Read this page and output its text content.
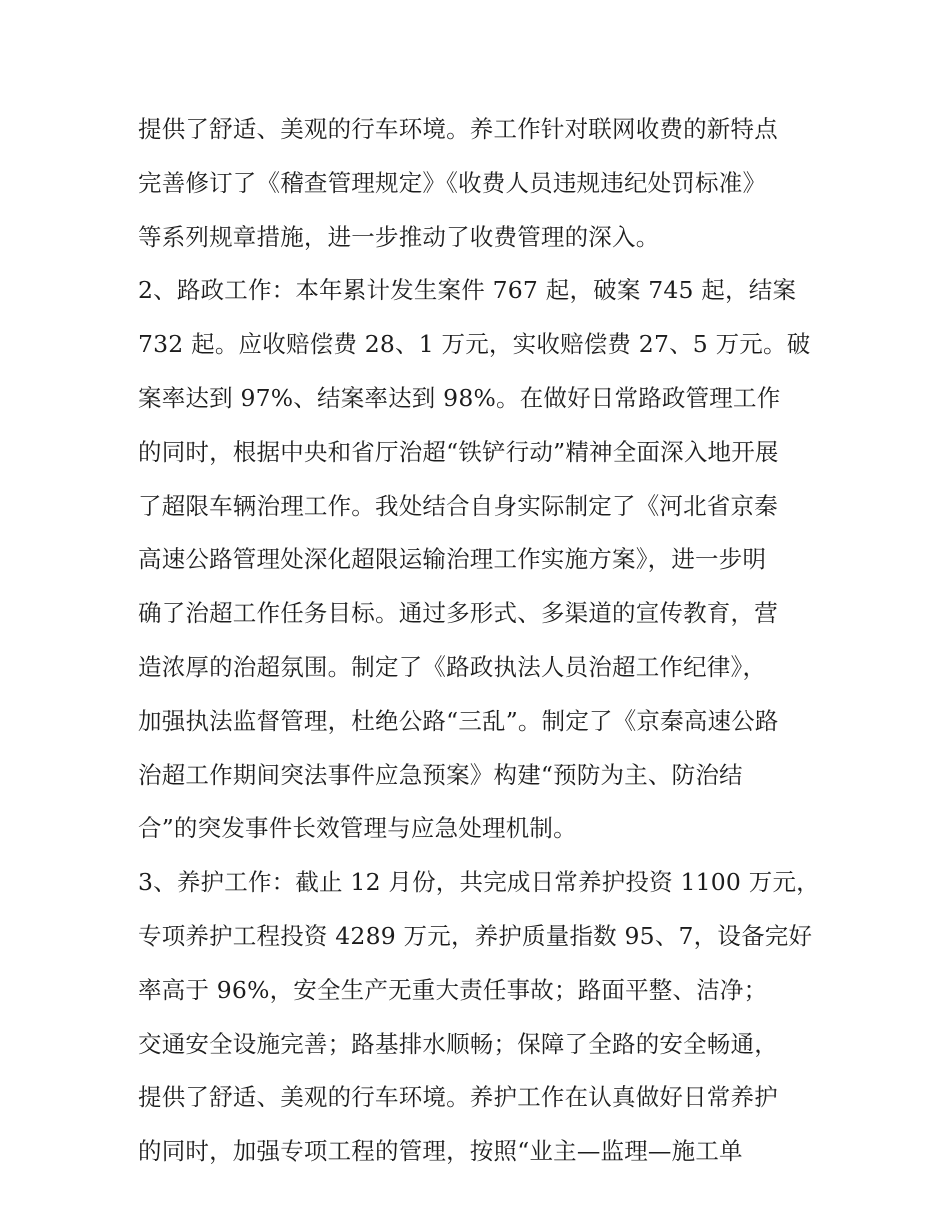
提供了舒适、美观的行车环境。养工作针对联网收费的新特点
完善修订了《稽查管理规定》《收费人员违规违纪处罚标准》
等系列规章措施，进一步推动了收费管理的深入。
2、路政工作：本年累计发生案件 767 起，破案 745 起，结案
732 起。应收赔偿费 28、1 万元，实收赔偿费 27、5 万元。破
案率达到 97%、结案率达到 98%。在做好日常路政管理工作
的同时，根据中央和省厅治超“铁铲行动”精神全面深入地开展
了超限车辆治理工作。我处结合自身实际制定了《河北省京秦
高速公路管理处深化超限运输治理工作实施方案》，进一步明
确了治超工作任务目标。通过多形式、多渠道的宣传教育，营
造浓厚的治超氛围。制定了《路政执法人员治超工作纪律》，
加强执法监督管理，杜绝公路“三乱”。制定了《京秦高速公路
治超工作期间突法事件应急预案》构建“预防为主、防治结
合”的突发事件长效管理与应急处理机制。
3、养护工作：截止 12 月份，共完成日常养护投资 1100 万元，
专项养护工程投资 4289 万元，养护质量指数 95、7，设备完好
率高于 96%，安全生产无重大责任事故；路面平整、洁净；
交通安全设施完善；路基排水顺畅；保障了全路的安全畅通，
提供了舒适、美观的行车环境。养护工作在认真做好日常养护
的同时，加强专项工程的管理，按照“业主—监理—施工单
